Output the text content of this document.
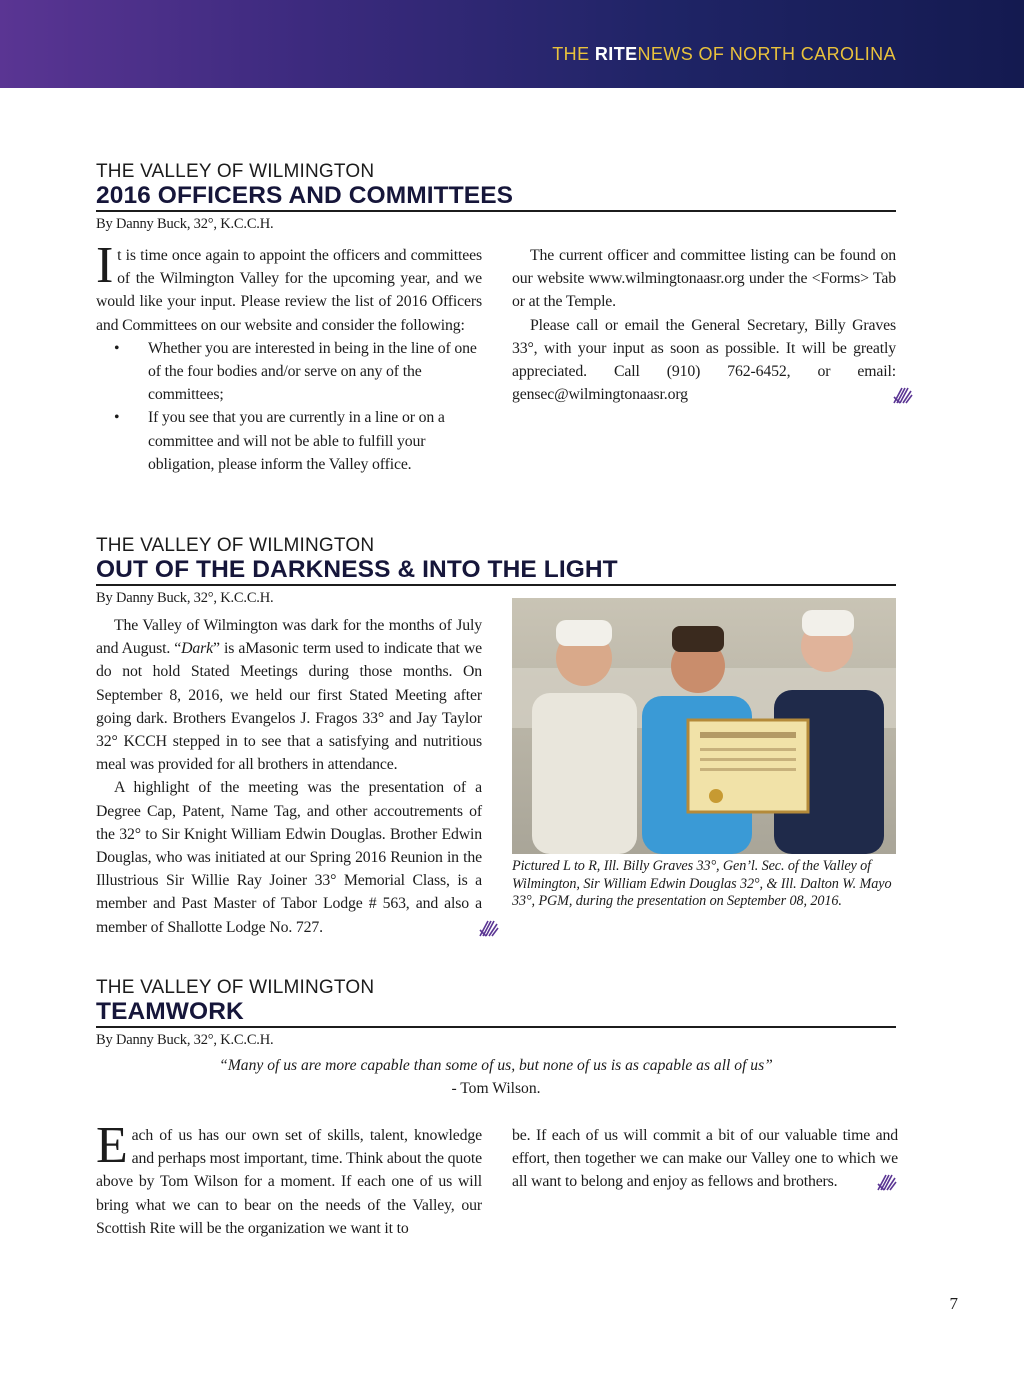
THE RITENEWS OF NORTH CAROLINA
THE VALLEY OF WILMINGTON
2016 OFFICERS AND COMMITTEES
By Danny Buck, 32°, K.C.C.H.

It is time once again to appoint the officers and committees of the Wilmington Valley for the upcoming year, and we would like your input. Please review the list of 2016 Officers and Committees on our website and consider the following:

• Whether you are interested in being in the line of one of the four bodies and/or serve on any of the committees;
• If you see that you are currently in a line or on a committee and will not be able to fulfill your obligation, please inform the Valley office.

The current officer and committee listing can be found on our website www.wilmingtonaasr.org under the <Forms> Tab or at the Temple.

Please call or email the General Secretary, Billy Graves 33°, with your input as soon as possible. It will be greatly appreciated. Call (910) 762-6452, or email: gensec@wilmingtonaasr.org

THE VALLEY OF WILMINGTON
OUT OF THE DARKNESS & INTO THE LIGHT
By Danny Buck, 32°, K.C.C.H.

The Valley of Wilmington was dark for the months of July and August. “Dark” is aMasonic term used to indicate that we do not hold Stated Meetings during those months. On September 8, 2016, we held our first Stated Meeting after going dark. Brothers Evangelos J. Fragos 33° and Jay Taylor 32° KCCH stepped in to see that a satisfying and nutritious meal was provided for all brothers in attendance.

A highlight of the meeting was the presentation of a Degree Cap, Patent, Name Tag, and other accoutrements of the 32° to Sir Knight William Edwin Douglas. Brother Edwin Douglas, who was initiated at our Spring 2016 Reunion in the Illustrious Sir Willie Ray Joiner 33° Memorial Class, is a member and Past Master of Tabor Lodge # 563, and also a member of Shallotte Lodge No. 727.

Pictured L to R, Ill. Billy Graves 33°, Gen’l. Sec. of the Valley of Wilmington, Sir William Edwin Douglas 32°, & Ill. Dalton W. Mayo 33°, PGM, during the presentation on September 08, 2016.
THE VALLEY OF WILMINGTON
TEAMWORK
By Danny Buck, 32°, K.C.C.H.
“Many of us are more capable than some of us, but none of us is as capable as all of us”
- Tom Wilson.

Each of us has our own set of skills, talent, knowledge and perhaps most important, time. Think about the quote above by Tom Wilson for a moment. If each one of us will bring what we can to bear on the needs of the Valley, our Scottish Rite will be the organization we want it to

be. If each of us will commit a bit of our valuable time and effort, then together we can make our Valley one to which we all want to belong and enjoy as fellows and brothers.

7
